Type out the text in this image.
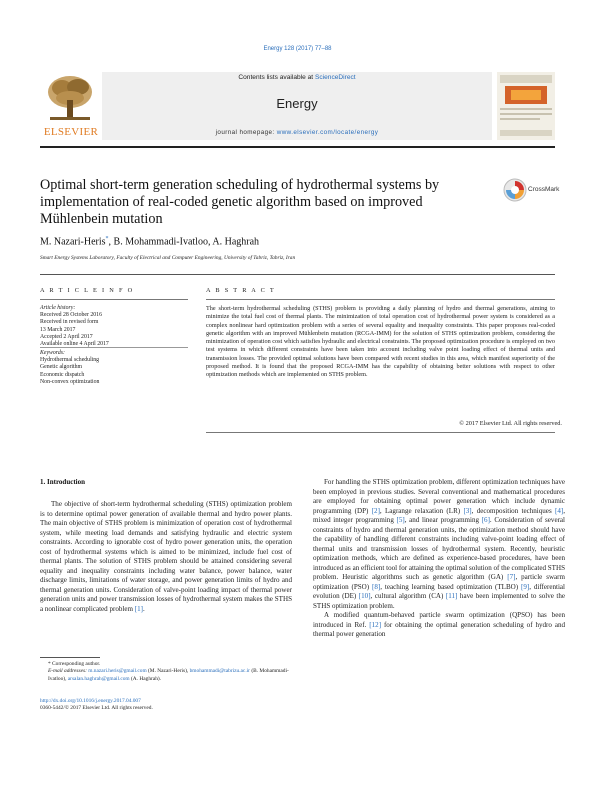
Energy 128 (2017) 77–88
ELSEVIER
Contents lists available at ScienceDirect
Energy
journal homepage: www.elsevier.com/locate/energy
Optimal short-term generation scheduling of hydrothermal systems by implementation of real-coded genetic algorithm based on improved Mühlenbein mutation
CrossMark
M. Nazari-Heris*, B. Mohammadi-Ivatloo, A. Haghrah
Smart Energy Systems Laboratory, Faculty of Electrical and Computer Engineering, University of Tabriz, Tabriz, Iran
A R T I C L E I N F O	A B S T R A C T
Article history:
Received 28 October 2016
Received in revised form
13 March 2017
Accepted 2 April 2017
Available online 4 April 2017
Keywords:
Hydrothermal scheduling
Genetic algorithm
Economic dispatch
Non-convex optimization
The short-term hydrothermal scheduling (STHS) problem is providing a daily planning of hydro and thermal generations, aiming to minimize the total fuel cost of thermal plants. The minimization of total operation cost of hydrothermal power system is considered as a complex nonlinear hard optimization problem with a series of several equality and inequality constraints. This paper proposes real-coded genetic algorithm with an improved Mühlenbein mutation (RCGA-IMM) for the solution of STHS optimization problem, considering the minimization of operation cost which satisfies hydraulic and electrical constraints. The proposed optimization procedure is employed on two test systems in which different constraints have been taken into account including valve point loading effect of thermal units and transmission losses. The provided optimal solutions have been compared with recent studies in this area, which manifest superiority of the proposed method. It is found that the proposed RCGA-IMM has the capability of obtaining better solutions with respect to other optimization methods which are implemented on STHS problem.
© 2017 Elsevier Ltd. All rights reserved.
1. Introduction

The objective of short-term hydrothermal scheduling (STHS) optimization problem is to determine optimal power generation of available thermal and hydro power plants. The main objective of STHS problem is minimization of operation cost of hydrothermal system, while meeting load demands and satisfying hydraulic and electric system constraints. According to ignorable cost of hydro power generation units, the operation cost of hydrothermal systems which is aimed to be minimized, include fuel cost of thermal plants. The solution of STHS problem should be attained considering several equality and inequality constraints including water balance, power balance, water discharge limits, limitations of water storage, and power generation limits of hydro and thermal generation units. Consideration of valve-point loading impact of thermal power generation units and power transmission losses of hydrothermal system makes the STHS a nonlinear complicated problem [1].

For handling the STHS optimization problem, different optimization techniques have been employed in previous studies. Several conventional and mathematical procedures are employed for obtaining optimal power generation which include dynamic programming (DP) [2], Lagrange relaxation (LR) [3], decomposition techniques [4], mixed integer programming [5], and linear programming [6]. Consideration of several constraints of hydro and thermal generation units, the optimization method should have the capability of handling different constraints including valve-point loading effect of thermal units and transmission losses of hydrothermal system. Recently, heuristic optimization methods, which are defined as experience-based procedures, have been introduced as an efficient tool for attaining the optimal solution of the complicated STHS problem. Heuristic algorithms such as genetic algorithm (GA) [7], particle swarm optimization (PSO) [8], teaching learning based optimization (TLBO) [9], differential evolution (DE) [10], cultural algorithm (CA) [11] have been implemented to solve the STHS optimization problem.

A modified quantum-behaved particle swarm optimization (QPSO) has been introduced in Ref. [12] for obtaining the optimal generation scheduling of hydro and thermal power generation

* Corresponding author.
E-mail addresses: m.nazari.heris@gmail.com (M. Nazari-Heris), bmohammadi@tabrizu.ac.ir (B. Mohammadi-Ivatloo), arsalan.haghrah@gmail.com (A. Haghrah).
http://dx.doi.org/10.1016/j.energy.2017.04.007
0360-5442/© 2017 Elsevier Ltd. All rights reserved.
